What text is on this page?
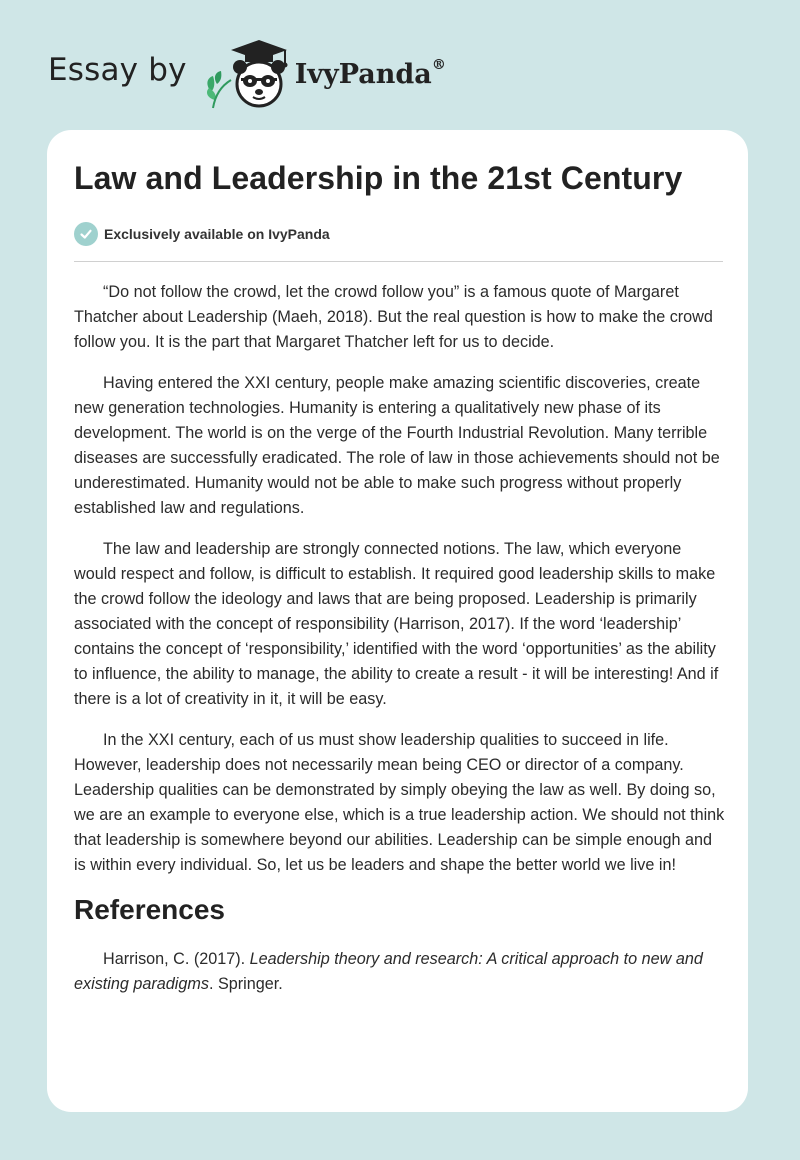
Essay by	IvyPanda®
Law and Leadership in the 21st Century
Exclusively available on IvyPanda

“Do not follow the crowd, let the crowd follow you” is a famous quote of Margaret Thatcher about Leadership (Maeh, 2018). But the real question is how to make the crowd follow you. It is the part that Margaret Thatcher left for us to decide.

Having entered the XXI century, people make amazing scientific discoveries, create new generation technologies. Humanity is entering a qualitatively new phase of its development. The world is on the verge of the Fourth Industrial Revolution. Many terrible diseases are successfully eradicated. The role of law in those achievements should not be underestimated. Humanity would not be able to make such progress without properly established law and regulations.

The law and leadership are strongly connected notions. The law, which everyone would respect and follow, is difficult to establish. It required good leadership skills to make the crowd follow the ideology and laws that are being proposed. Leadership is primarily associated with the concept of responsibility (Harrison, 2017). If the word ‘leadership’ contains the concept of ‘responsibility,’ identified with the word ‘opportunities’ as the ability to influence, the ability to manage, the ability to create a result - it will be interesting! And if there is a lot of creativity in it, it will be easy.

In the XXI century, each of us must show leadership qualities to succeed in life. However, leadership does not necessarily mean being CEO or director of a company. Leadership qualities can be demonstrated by simply obeying the law as well. By doing so, we are an example to everyone else, which is a true leadership action. We should not think that leadership is somewhere beyond our abilities. Leadership can be simple enough and is within every individual. So, let us be leaders and shape the better world we live in!

References

Harrison, C. (2017). Leadership theory and research: A critical approach to new and existing paradigms. Springer.
